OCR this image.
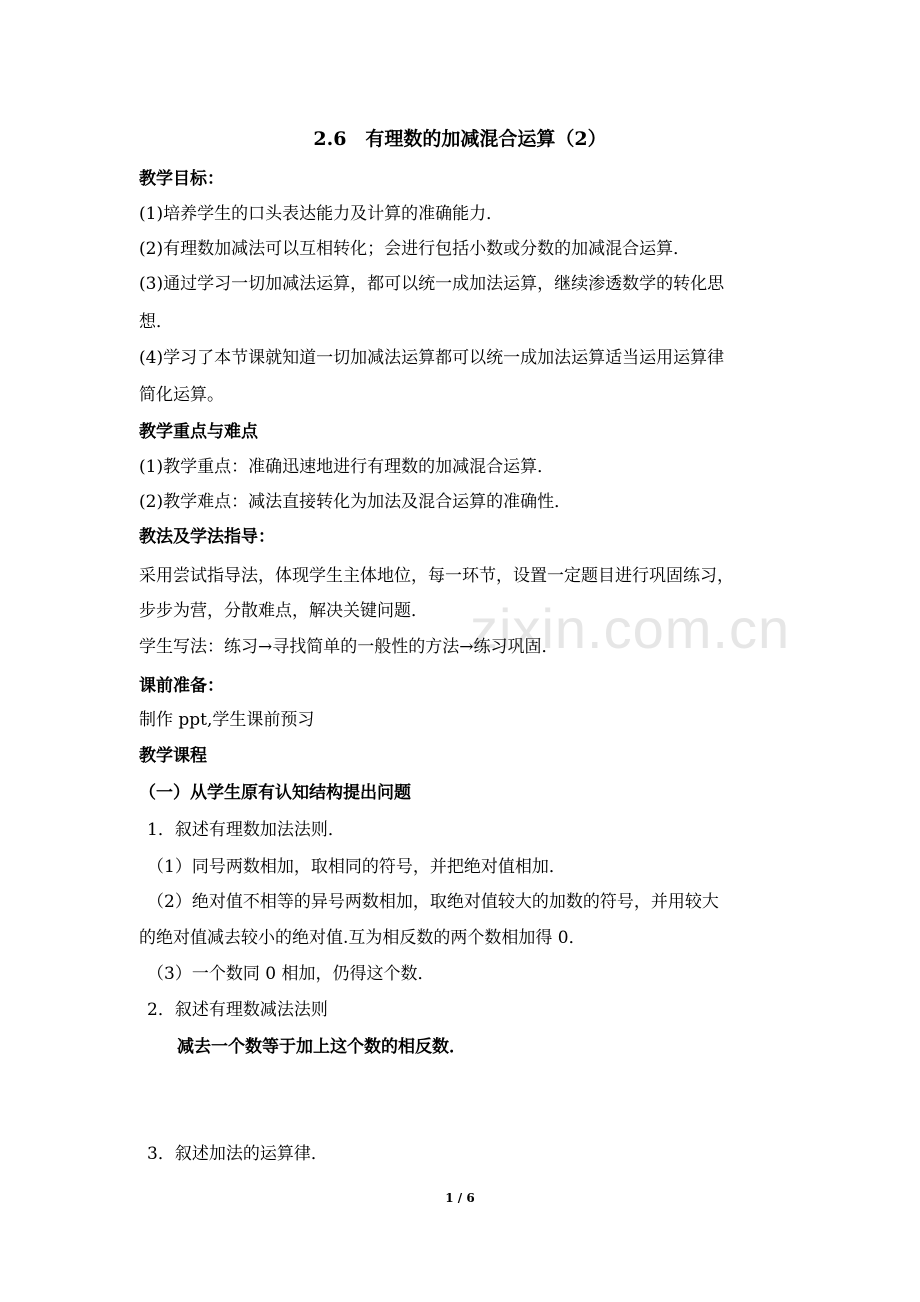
zixin.com.cn
2.6　有理数的加减混合运算（2）
教学目标：
(1)培养学生的口头表达能力及计算的准确能力．
(2)有理数加减法可以互相转化；会进行包括小数或分数的加减混合运算．
(3)通过学习一切加减法运算，都可以统一成加法运算，继续渗透数学的转化思
想．
(4)学习了本节课就知道一切加减法运算都可以统一成加法运算适当运用运算律
简化运算。
教学重点与难点
(1)教学重点：准确迅速地进行有理数的加减混合运算．
(2)教学难点：减法直接转化为加法及混合运算的准确性．
教法及学法指导：
采用尝试指导法，体现学生主体地位，每一环节，设置一定题目进行巩固练习，
步步为营，分散难点，解决关键问题．
学生写法：练习→寻找简单的一般性的方法→练习巩固．
课前准备：
制作 ppt,学生课前预习
教学课程
（一）从学生原有认知结构提出问题
1．叙述有理数加法法则．
（1）同号两数相加，取相同的符号，并把绝对值相加．
（2）绝对值不相等的异号两数相加，取绝对值较大的加数的符号，并用较大
的绝对值减去较小的绝对值.互为相反数的两个数相加得 0．
（3）一个数同 0 相加，仍得这个数．
2．叙述有理数减法法则
减去一个数等于加上这个数的相反数．
3．叙述加法的运算律．
1 / 6
